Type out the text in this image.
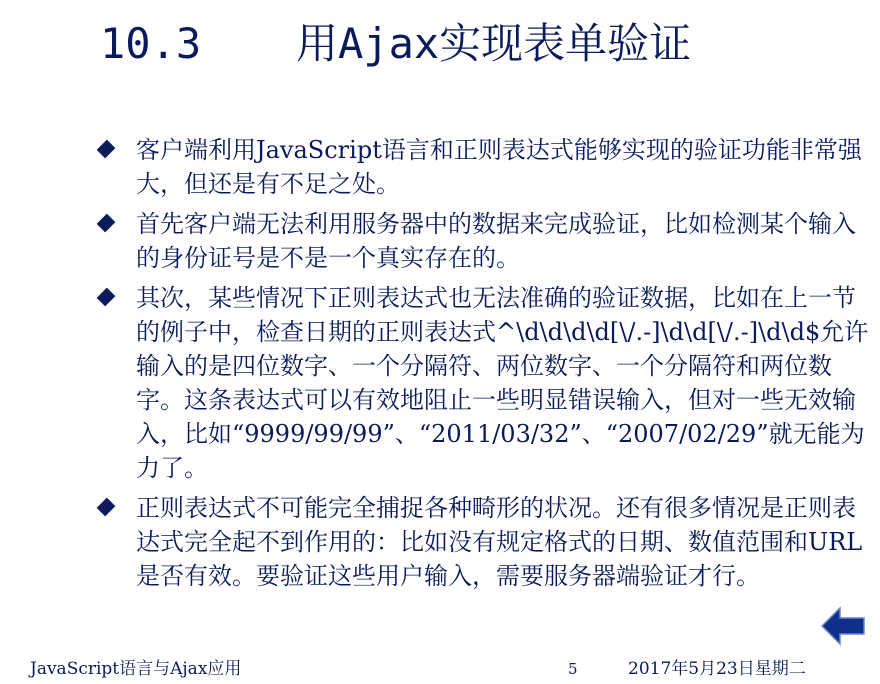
10.3 用Ajax实现表单验证
客户端利用JavaScript语言和正则表达式能够实现的验证功能非常强大，但还是有不足之处。
首先客户端无法利用服务器中的数据来完成验证，比如检测某个输入的身份证号是不是一个真实存在的。
其次，某些情况下正则表达式也无法准确的验证数据，比如在上一节的例子中，检查日期的正则表达式^\d\d\d\d[\/.-]\d\d[\/.-]\d\d$允许输入的是四位数字、一个分隔符、两位数字、一个分隔符和两位数字。这条表达式可以有效地阻止一些明显错误输入，但对一些无效输入，比如“9999/99/99”、“2011/03/32”、“2007/02/29”就无能为力了。
正则表达式不可能完全捕捉各种畸形的状况。还有很多情况是正则表达式完全起不到作用的：比如没有规定格式的日期、数值范围和URL是否有效。要验证这些用户输入，需要服务器端验证才行。
JavaScript语言与Ajax应用	5	2017年5月23日星期二
